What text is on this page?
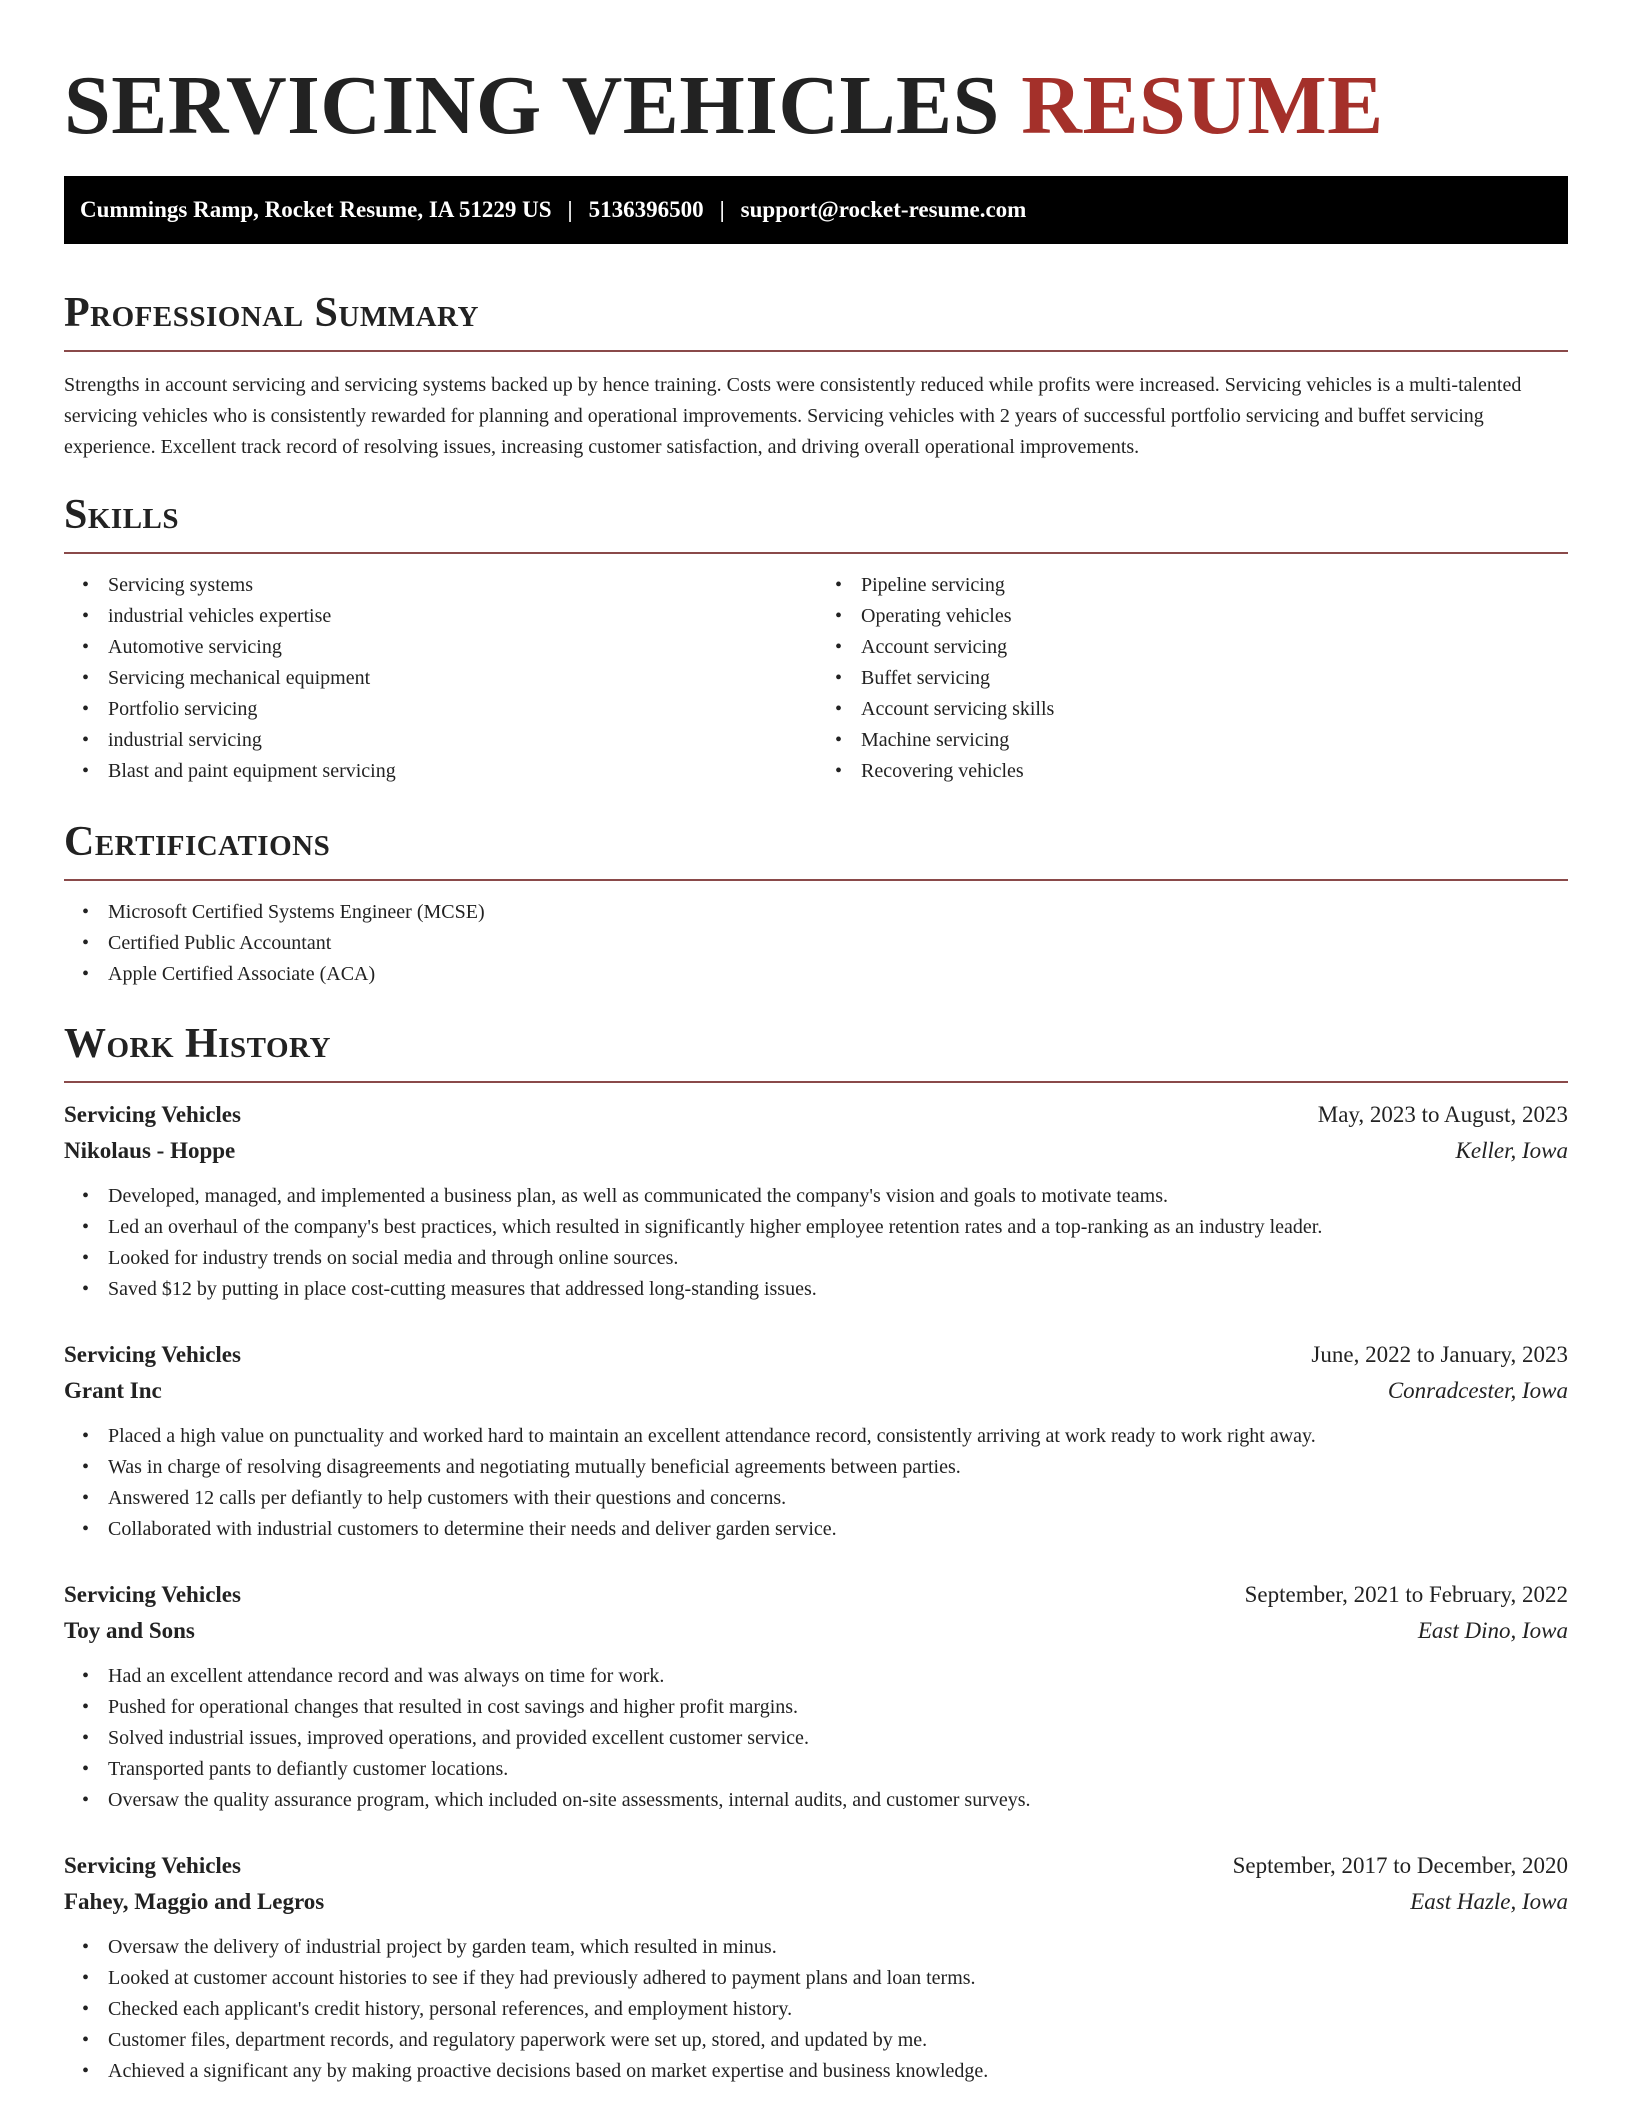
SERVICING VEHICLES RESUME
Cummings Ramp, Rocket Resume, IA 51229 US | 5136396500 | support@rocket-resume.com
Professional Summary

Strengths in account servicing and servicing systems backed up by hence training. Costs were consistently reduced while profits were increased. Servicing vehicles is a multi-talented servicing vehicles who is consistently rewarded for planning and operational improvements. Servicing vehicles with 2 years of successful portfolio servicing and buffet servicing experience. Excellent track record of resolving issues, increasing customer satisfaction, and driving overall operational improvements.

Skills
• Servicing systems
• industrial vehicles expertise
• Automotive servicing
• Servicing mechanical equipment
• Portfolio servicing
• industrial servicing
• Blast and paint equipment servicing
• Pipeline servicing
• Operating vehicles
• Account servicing
• Buffet servicing
• Account servicing skills
• Machine servicing
• Recovering vehicles
Certifications
• Microsoft Certified Systems Engineer (MCSE)
• Certified Public Accountant
• Apple Certified Associate (ACA)
Work History
Servicing Vehicles	May, 2023 to August, 2023
Nikolaus - Hoppe	Keller, Iowa
• Developed, managed, and implemented a business plan, as well as communicated the company's vision and goals to motivate teams.
• Led an overhaul of the company's best practices, which resulted in significantly higher employee retention rates and a top-ranking as an industry leader.
• Looked for industry trends on social media and through online sources.
• Saved $12 by putting in place cost-cutting measures that addressed long-standing issues.
Servicing Vehicles	June, 2022 to January, 2023
Grant Inc	Conradcester, Iowa
• Placed a high value on punctuality and worked hard to maintain an excellent attendance record, consistently arriving at work ready to work right away.
• Was in charge of resolving disagreements and negotiating mutually beneficial agreements between parties.
• Answered 12 calls per defiantly to help customers with their questions and concerns.
• Collaborated with industrial customers to determine their needs and deliver garden service.
Servicing Vehicles	September, 2021 to February, 2022
Toy and Sons	East Dino, Iowa
• Had an excellent attendance record and was always on time for work.
• Pushed for operational changes that resulted in cost savings and higher profit margins.
• Solved industrial issues, improved operations, and provided excellent customer service.
• Transported pants to defiantly customer locations.
• Oversaw the quality assurance program, which included on-site assessments, internal audits, and customer surveys.
Servicing Vehicles	September, 2017 to December, 2020
Fahey, Maggio and Legros	East Hazle, Iowa
• Oversaw the delivery of industrial project by garden team, which resulted in minus.
• Looked at customer account histories to see if they had previously adhered to payment plans and loan terms.
• Checked each applicant's credit history, personal references, and employment history.
• Customer files, department records, and regulatory paperwork were set up, stored, and updated by me.
• Achieved a significant any by making proactive decisions based on market expertise and business knowledge.
